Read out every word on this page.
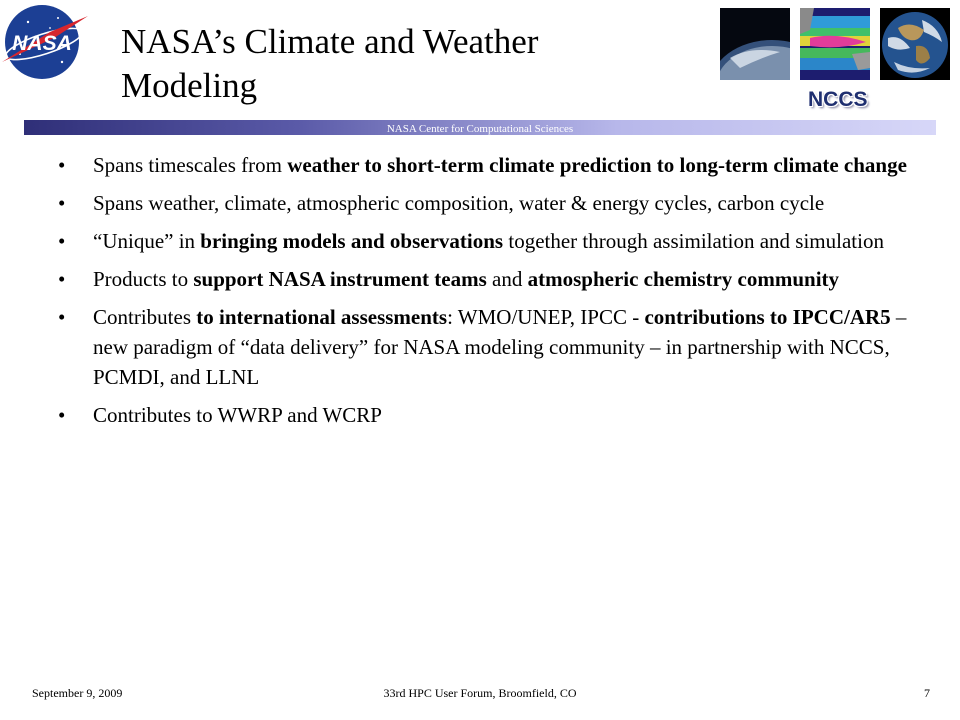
NASA NASA’s Climate and Weather Modeling	NCCS
NASA Center for Computational Sciences
• Spans timescales from weather to short-term climate prediction to long-term climate change
• Spans weather, climate, atmospheric composition, water & energy cycles, carbon cycle
• “Unique” in bringing models and observations together through assimilation and simulation
• Products to support NASA instrument teams and atmospheric chemistry community
• Contributes to international assessments: WMO/UNEP, IPCC - contributions to IPCC/AR5 – new paradigm of “data delivery” for NASA modeling community – in partnership with NCCS, PCMDI, and LLNL
• Contributes to WWRP and WCRP
September 9, 2009	33rd HPC User Forum, Broomfield, CO	7
